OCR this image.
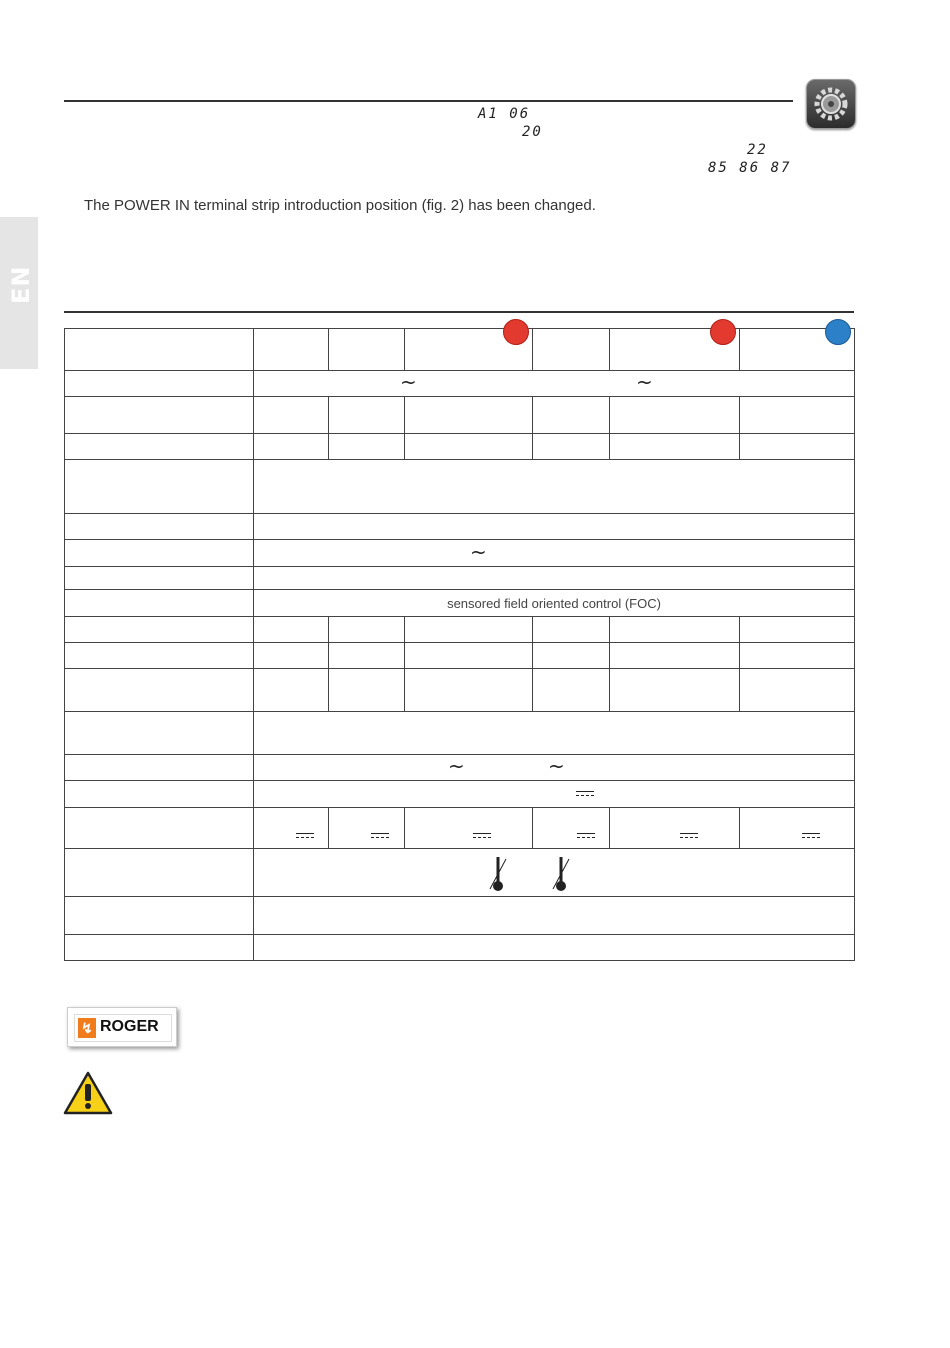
EN
A1 06
20
22
85 86 87
The POWER IN terminal strip introduction position (fig. 2) has been changed.

	~ ~					

	~					

	sensored field oriented control (FOC)					

	~ ~					

↯ ROGER
